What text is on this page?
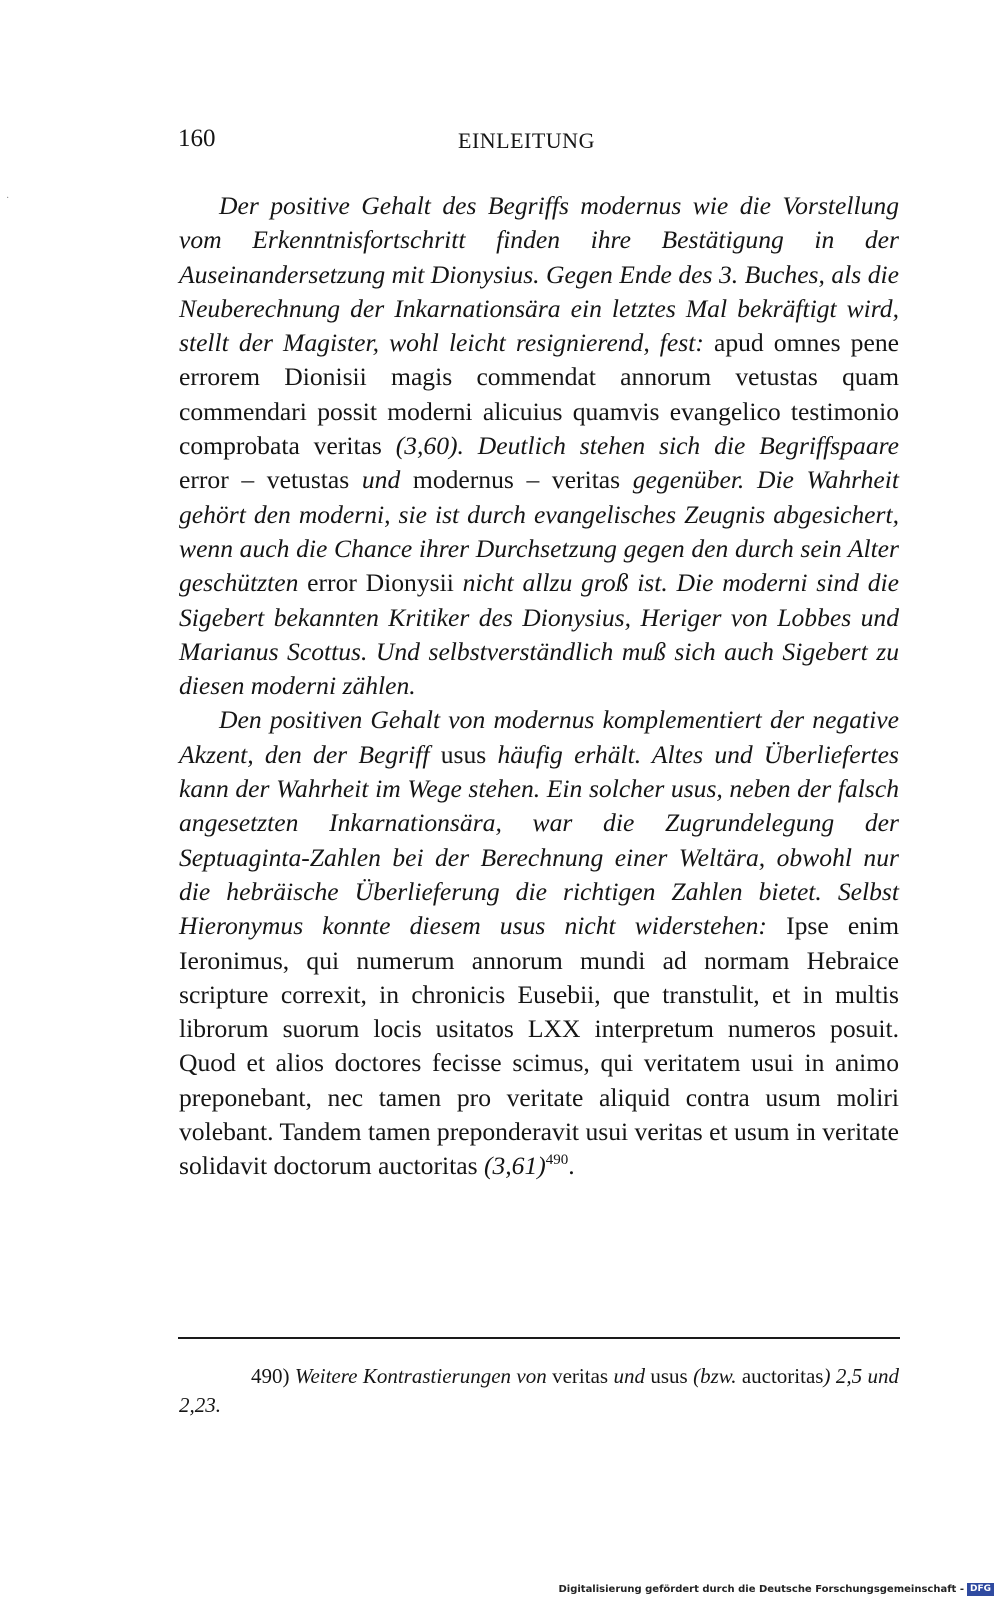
160	EINLEITUNG
·	Der positive Gehalt des Begriffs modernus wie die Vorstellung vom Erkenntnisfortschritt finden ihre Bestätigung in der Auseinandersetzung mit Dionysius. Gegen Ende des 3. Buches, als die Neuberechnung der Inkarnationsära ein letztes Mal bekräftigt wird, stellt der Magister, wohl leicht resignierend, fest: apud omnes pene errorem Dionisii magis commendat annorum vetustas quam commendari possit moderni alicuius quamvis evangelico testimonio comprobata veritas (3,60). Deutlich stehen sich die Begriffspaare error – vetustas und modernus – veritas gegenüber. Die Wahrheit gehört den moderni, sie ist durch evangelisches Zeugnis abgesichert, wenn auch die Chance ihrer Durchsetzung gegen den durch sein Alter geschützten error Dionysii nicht allzu groß ist. Die moderni sind die Sigebert bekannten Kritiker des Dionysius, Heriger von Lobbes und Marianus Scottus. Und selbstverständlich muß sich auch Sigebert zu diesen moderni zählen.

Den positiven Gehalt von modernus komplementiert der negative Akzent, den der Begriff usus häufig erhält. Altes und Überliefertes kann der Wahrheit im Wege stehen. Ein solcher usus, neben der falsch angesetzten Inkarnationsära, war die Zugrundelegung der Septuaginta-Zahlen bei der Berechnung einer Weltära, obwohl nur die hebräische Überlieferung die richtigen Zahlen bietet. Selbst Hieronymus konnte diesem usus nicht widerstehen: Ipse enim Ieronimus, qui numerum annorum mundi ad normam Hebraice scripture correxit, in chronicis Eusebii, que transtulit, et in multis librorum suorum locis usitatos LXX interpretum numeros posuit. Quod et alios doctores fecisse scimus, qui veritatem usui in animo preponebant, nec tamen pro veritate aliquid contra usum moliri volebant. Tandem tamen preponderavit usui veritas et usum in veritate solidavit doctorum auctoritas $(3,61)^{490}$.

490) Weitere Kontrastierungen von veritas und usus (bzw. auctoritas) 2,5 und 2,23.

Digitalisierung gefördert durch die Deutsche Forschungsgemeinschaft - DFG
